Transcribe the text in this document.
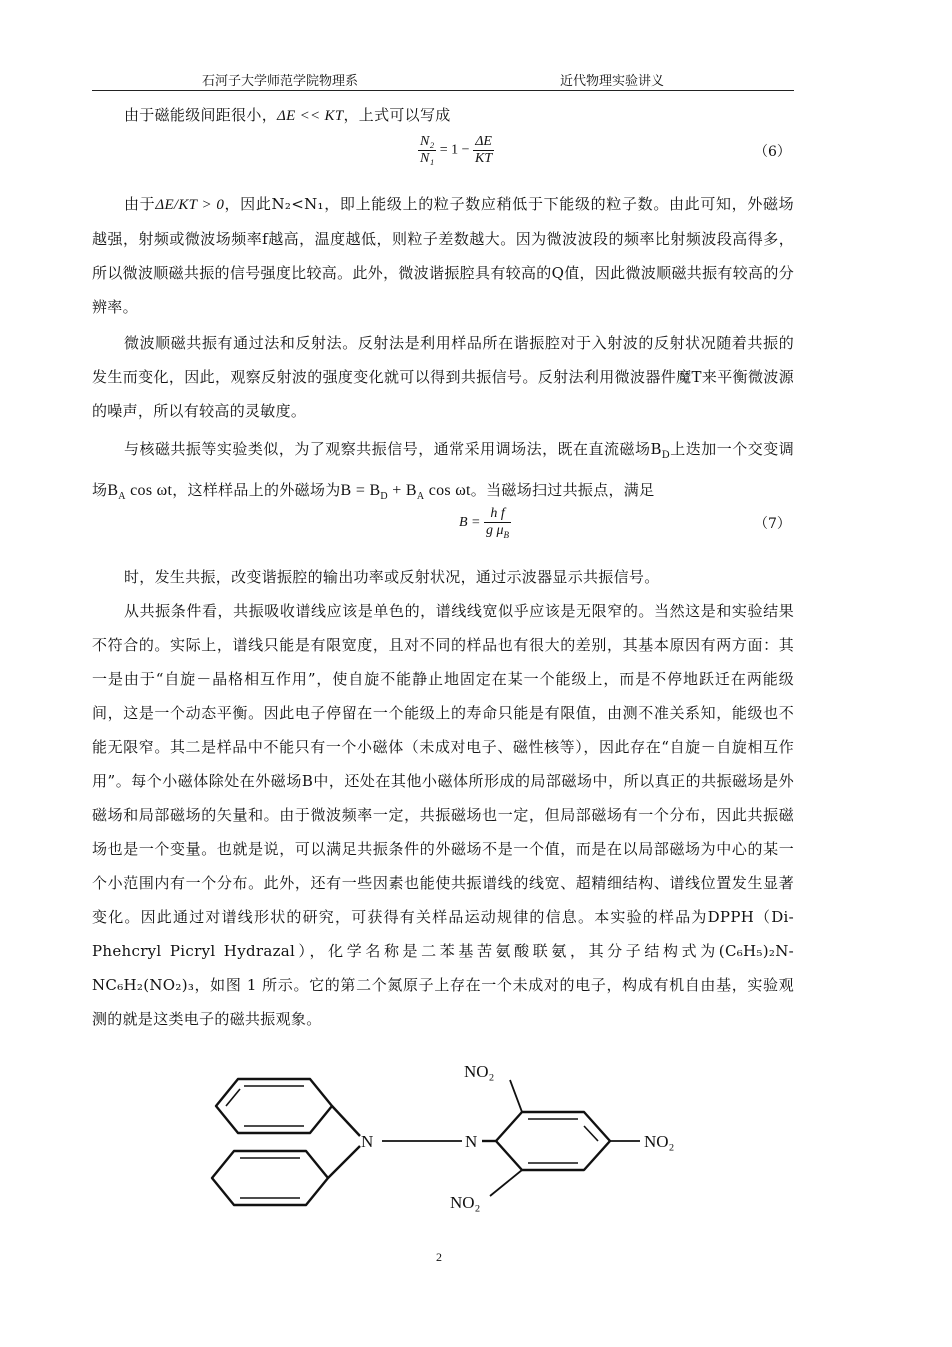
石河子大学师范学院物理系	近代物理实验讲义
由于磁能级间距很小，ΔE << KT，上式可以写成
$\frac{\text{N₂}}{\text{N₁}} = 1 - \frac{\Delta E}{KT}$	（6）
由于ΔE/KT > 0，因此N₂<N₁，即上能级上的粒子数应稍低于下能级的粒子数。由此可知，外磁场越强，射频或微波场频率f越高，温度越低，则粒子差数越大。因为微波波段的频率比射频波段高得多，所以微波顺磁共振的信号强度比较高。此外，微波谐振腔具有较高的Q值，因此微波顺磁共振有较高的分辨率。
微波顺磁共振有通过法和反射法。反射法是利用样品所在谐振腔对于入射波的反射状况随着共振的发生而变化，因此，观察反射波的强度变化就可以得到共振信号。反射法利用微波器件魔T来平衡微波源的噪声，所以有较高的灵敏度。
与核磁共振等实验类似，为了观察共振信号，通常采用调场法，既在直流磁场$B_D$上迭加一个交变调场$B_A$ cos ωt，这样样品上的外磁场为$B = B_D + B_A$ cos ωt。当磁场扫过共振点，满足
$B = \frac{\text{h f}}{g \mu_B}$	（7）
时，发生共振，改变谐振腔的输出功率或反射状况，通过示波器显示共振信号。
从共振条件看，共振吸收谱线应该是单色的，谱线线宽似乎应该是无限窄的。当然这是和实验结果不符合的。实际上，谱线只能是有限宽度，且对不同的样品也有很大的差别，其基本原因有两方面：其一是由于“自旋－晶格相互作用”，使自旋不能静止地固定在某一个能级上，而是不停地跃迁在两能级间，这是一个动态平衡。因此电子停留在一个能级上的寿命只能是有限值，由测不准关系知，能级也不能无限窄。其二是样品中不能只有一个小磁体（未成对电子、磁性核等），因此存在“自旋－自旋相互作用”。每个小磁体除处在外磁场B中，还处在其他小磁体所形成的局部磁场中，所以真正的共振磁场是外磁场和局部磁场的矢量和。由于微波频率一定，共振磁场也一定，但局部磁场有一个分布，因此共振磁场也是一个变量。也就是说，可以满足共振条件的外磁场不是一个值，而是在以局部磁场为中心的某一个小范围内有一个分布。此外，还有一些因素也能使共振谱线的线宽、超精细结构、谱线位置发生显著变化。因此通过对谱线形状的研究，可获得有关样品运动规律的信息。本实验的样品为DPPH（Di-Phehcryl Picryl Hydrazal），化学名称是二苯基苦氨酸联氨，其分子结构式为(C₆H₅)₂N-NC₆H₂(NO₂)₃，如图 1 所示。它的第二个氮原子上存在一个未成对的电子，构成有机自由基，实验观测的就是这类电子的磁共振观象。
N	N
NO₂
NO₂
NO₂
2
